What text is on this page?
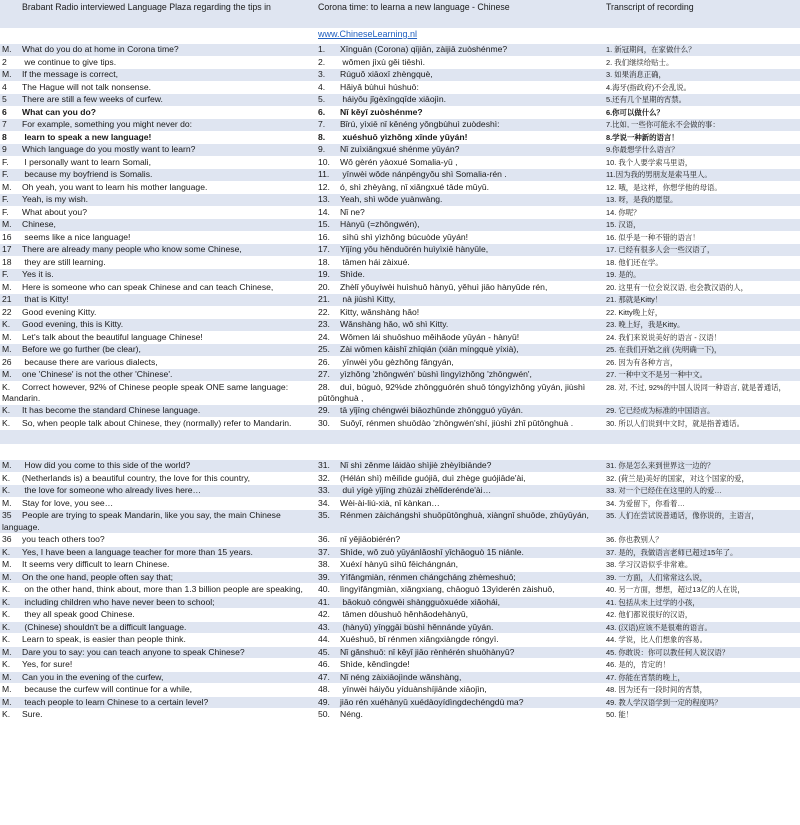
Brabant Radio interviewed Language Plaza regarding the tips in	Corona time: to learna a new language - Chinese	Transcript of recording
	www.ChineseLearning.nl	
M. What do you do at home in Corona time?	1. Xīnguān (Corona) qījiān, zàijiā zuòshénme?	1. 新冠期间，在家做什么？
2 we continue to give tips.	2. wǒmen jìxù gěi tiēshì.	2. 我们继续给贴士。
M. If the message is correct,	3. Rúguǒ xiāoxī zhèngquè,	3. 如果消息正确，
4 The Hague will not talk nonsense.	4. Hǎiyǎ bùhuì húshuō:	4.海牙(指政府)不会乱说。
5 There are still a few weeks of curfew.	5. háiyǒu jǐgèxīngqīde xiāojìn.	5.还有几个星期的宵禁。
6 What can you do?	6. Nǐ kěyǐ zuòshénme?	6.你可以做什么？
7 For example, something you might never do:	7. Bǐrú, yìxiē nǐ kěnéng yǒngbùhuì zuòdeshì:	7.比如, 一些你可能永不会做的事：
8 learn to speak a new language!	8. xuéshuō yìzhǒng xīnde yǔyán!	8.学说一种新的语言！
9 Which language do you mostly want to learn?	9. Nǐ zuìxiǎngxué shénme yǔyán?	9.你最想学什么语言？
F. I personally want to learn Somali,	10. Wǒ gèrén yàoxué Somalia-yǔ ,	10. 我个人要学索马里语，
F. because my boyfriend is Somalis.	11. yīnwèi wǒde nánpéngyǒu shì Somalia-rén .	11.因为我的男朋友是索马里人。
M. Oh yeah, you want to learn his mother language.	12. ó, shì zhèyàng, nǐ xiǎngxué tāde mǔyǔ.	12. 哦，是这样，你想学他的母语。
F. Yeah, is my wish.	13. Yeah, shì wǒde yuànwàng.	13. 呀，是我的愿望。
F. What about you?	14. Nǐ ne?	14. 你呢？
M. Chinese,	15. Hànyǔ (=zhōngwén),	15. 汉语，
16 seems like a nice language!	16. sìhū shì yìzhǒng búcuòde yǔyán!	16. 似乎是一种不错的语言！
17 There are already many people who know some Chinese,	17. Yǐjīng yǒu hěnduōrén huìyìxiē hànyǔle,	17. 已经有很多人会一些汉语了，
18 they are still learning.	18. tāmen hái zàixué.	18. 他们还在学。
F. Yes it is.	19. Shìde.	19. 是的。
M. Here is someone who can speak Chinese and can teach Chinese,	20. Zhèlǐ yǒuyíwèi huìshuō hànyǔ, yěhuì jiāo hànyǔde rén,	20. 这里有一位会说汉语, 也会教汉语的人，
21 that is Kitty!	21. nà jiùshì Kitty,	21. 那就是Kitty！
22 Good evening Kitty.	22. Kitty, wǎnshàng hǎo!	22. Kitty晚上好，
K. Good evening, this is Kitty.	23. Wǎnshàng hǎo, wǒ shì Kitty.	23. 晚上好，我是Kitty。
M. Let's talk about the beautiful language Chinese!	24. Wǒmen lái shuōshuo měihǎode yǔyán - hànyǔ!	24. 我们来说说美好的语言 - 汉语！
M. Before we go further (be clear),	25. Zài wǒmen kāishǐ zhīqián (xiān míngquè yíxià),	25. 在我们开始之前 (先明确一下)，
26 because there are various dialects,	26. yīnwèi yǒu gèzhǒng fāngyán,	26. 因为有各种方言，
M. one 'Chinese' is not the other 'Chinese'.	27. yìzhǒng 'zhōngwén' bùshì lìngyìzhǒng 'zhōngwén',	27. 一种中文不是另一种中文。
K. Correct however, 92% of Chinese people speak ONE same language: Mandarin.	28. duì, búguò, 92%de zhōngguórén shuō tóngyìzhǒng yǔyán, jiùshì pǔtōnghuà ,	28. 对, 不过, 92%的中国人说同一种语言, 就是普通话，
K. It has become the standard Chinese language.	29. tā yǐjīng chéngwéi biāozhǔnde zhōngguó yǔyán.	29. 它已经成为标准的中国语言。
K. So, when people talk about Chinese, they (normally) refer to Mandarin.	30. Suǒyǐ, rénmen shuōdào 'zhōngwén'shí, jiùshì zhǐ pǔtōnghuà .	30. 所以人们说到中文时，就是指普通话。

M. How did you come to this side of the world?	31. Nǐ shì zěnme láidào shìjiè zhèyìbiānde?	31. 你是怎么来到世界这一边的？
K. (Netherlands is) a beautiful country, the love for this country,	32. (Hélán shì) měilìde guójiā, duì zhège guójiāde'ài,	32. (荷兰是)美好的国家，对这个国家的爱，
K. the love for someone who already lives here…	33. duì yígè yǐjīng zhùzài zhèlǐderénde'ài…	33. 对一个已经住在这里的人的爱…
M. Stay for love, you see…	34. Wèi-ài-liú-xià, nǐ kànkan…	34. 为爱留下，你看着…
35 People are trying to speak Mandarin, like you say, the main Chinese language.	35. Rénmen zàichángshì shuōpǔtōnghuà, xiàngnǐ shuōde, zhǔyǔyán,	35. 人们在尝试说普通话，像你说的，主语言，
36 you teach others too?	36. nǐ yějiāobiérén?	36. 你也教别人？
K. Yes, I have been a language teacher for more than 15 years.	37. Shìde, wǒ zuò yǔyánlǎoshī yǐchāoguò 15 niánle.	37. 是的，我做语言老师已超过15年了。
M. It seems very difficult to learn Chinese.	38. Xuéxí hànyǔ sìhū fēichángnán,	38. 学习汉语似乎非常难。
M. On the one hand, people often say that;	39. Yìfāngmiàn, rénmen chángcháng zhèmeshuō;	39. 一方面，人们常常这么说，
K. on the other hand, think about, more than 1.3 billion people are speaking,	40. lìngyìfāngmiàn, xiǎngxiang, chāoguò 13yìderén zàishuō,	40. 另一方面，想想，超过13亿的人在说，
K. including children who have never been to school;	41. bāokuò cóngwèi shàngguòxuéde xiǎohái,	41. 包括从未上过学的小孩，
K. they all speak good Chinese.	42. tāmen dōushuō hěnhǎodehànyǔ,	42. 他们都说很好的汉语，
K. (Chinese) shouldn't be a difficult language.	43. (hànyǔ) yīnggāi bùshì hěnnánde yǔyán.	43. (汉语)应该不是很难的语言。
K. Learn to speak, is easier than people think.	44. Xuéshuō, bǐ rénmen xiǎngxiàngde róngyì.	44. 学说，比人们想象的容易。
M. Dare you to say: you can teach anyone to speak Chinese?	45. Nǐ gǎnshuō: nǐ kěyǐ jiāo rènhérén shuōhànyǔ?	45. 你敢说：你可以教任何人说汉语？
K. Yes, for sure!	46. Shìde, kěndìngde!	46. 是的，肯定的！
M. Can you in the evening of the curfew,	47. Nǐ néng zàixiāojìnde wǎnshàng,	47. 你能在宵禁的晚上，
M. because the curfew will continue for a while,	48. yīnwèi háiyǒu yíduànshíjiānde xiāojìn,	48. 因为还有一段时间的宵禁，
M. teach people to learn Chinese to a certain level?	49. jiāo rén xuéhànyǔ xuédàoyídìngdechéngdù ma?	49. 教人学汉语学到一定的程度吗？
K. Sure.	50. Néng.	50. 能！
